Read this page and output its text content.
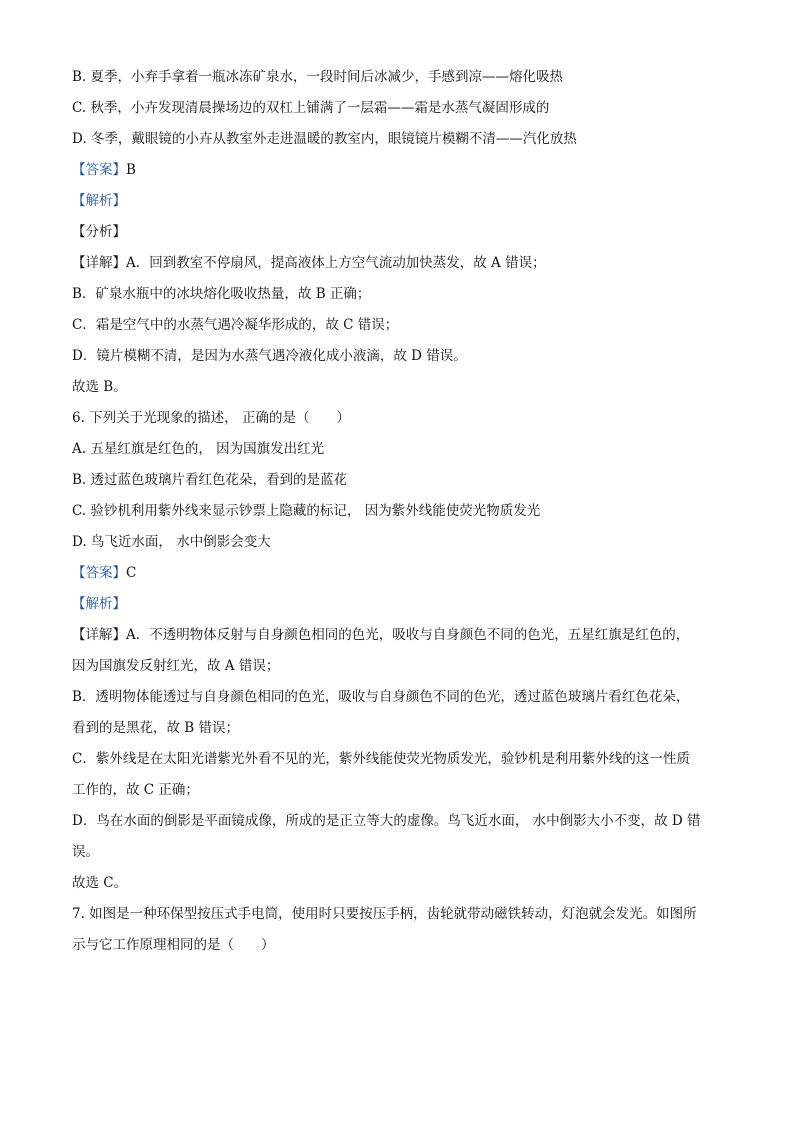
B. 夏季，小弃手拿着一瓶冰冻矿泉水，一段时间后冰减少，手感到凉——熔化吸热
C. 秋季，小卉发现清晨操场边的双杠上铺满了一层霜——霜是水蒸气凝固形成的
D. 冬季，戴眼镜的小卉从教室外走进温暖的教室内，眼镜镜片模糊不清——汽化放热
【答案】B
【解析】
【分析】
【详解】A．回到教室不停扇风，提高液体上方空气流动加快蒸发，故 A 错误；
B．矿泉水瓶中的冰块熔化吸收热量，故 B 正确；
C．霜是空气中的水蒸气遇冷凝华形成的，故 C 错误；
D．镜片模糊不清，是因为水蒸气遇冷液化成小液滴，故 D 错误。
故选 B。
6. 下列关于光现象的描述， 正确的是（　　）
A. 五星红旗是红色的， 因为国旗发出红光
B. 透过蓝色玻璃片看红色花朵，看到的是蓝花
C. 验钞机利用紫外线来显示钞票上隐藏的标记， 因为紫外线能使荧光物质发光
D. 鸟飞近水面， 水中倒影会变大
【答案】C
【解析】
【详解】A．不透明物体反射与自身颜色相同的色光，吸收与自身颜色不同的色光，五星红旗是红色的，
因为国旗发反射红光，故 A 错误；
B．透明物体能透过与自身颜色相同的色光，吸收与自身颜色不同的色光，透过蓝色玻璃片看红色花朵，
看到的是黑花，故 B 错误；
C．紫外线是在太阳光谱紫光外看不见的光，紫外线能使荧光物质发光，验钞机是利用紫外线的这一性质
工作的，故 C 正确；
D．鸟在水面的倒影是平面镜成像，所成的是正立等大的虚像。鸟飞近水面， 水中倒影大小不变，故 D 错
误。
故选 C。
7. 如图是一种环保型按压式手电筒，使用时只要按压手柄，齿轮就带动磁铁转动，灯泡就会发光。如图所
示与它工作原理相同的是（　　）
